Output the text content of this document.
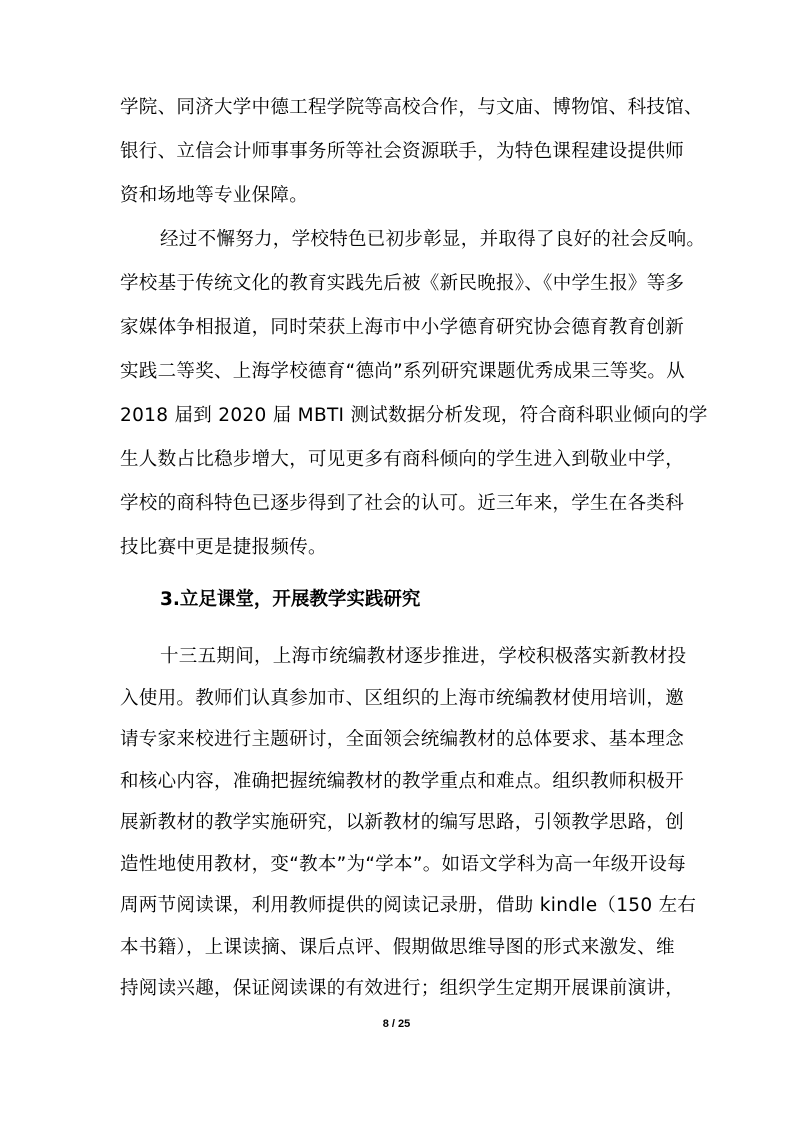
学院、同济大学中德工程学院等高校合作，与文庙、博物馆、科技馆、
银行、立信会计师事事务所等社会资源联手，为特色课程建设提供师
资和场地等专业保障。
经过不懈努力，学校特色已初步彰显，并取得了良好的社会反响。
学校基于传统文化的教育实践先后被《新民晚报》、《中学生报》等多
家媒体争相报道，同时荣获上海市中小学德育研究协会德育教育创新
实践二等奖、上海学校德育“德尚”系列研究课题优秀成果三等奖。从
2018 届到 2020 届 MBTI 测试数据分析发现，符合商科职业倾向的学
生人数占比稳步增大，可见更多有商科倾向的学生进入到敬业中学，
学校的商科特色已逐步得到了社会的认可。近三年来，学生在各类科
技比赛中更是捷报频传。
3.立足课堂，开展教学实践研究
十三五期间，上海市统编教材逐步推进，学校积极落实新教材投
入使用。教师们认真参加市、区组织的上海市统编教材使用培训，邀
请专家来校进行主题研讨，全面领会统编教材的总体要求、基本理念
和核心内容，准确把握统编教材的教学重点和难点。组织教师积极开
展新教材的教学实施研究，以新教材的编写思路，引领教学思路，创
造性地使用教材，变“教本”为“学本”。如语文学科为高一年级开设每
8 / 25
周两节阅读课，利用教师提供的阅读记录册，借助 kindle（150 左右
本书籍），上课读摘、课后点评、假期做思维导图的形式来激发、维
持阅读兴趣，保证阅读课的有效进行；组织学生定期开展课前演讲，
